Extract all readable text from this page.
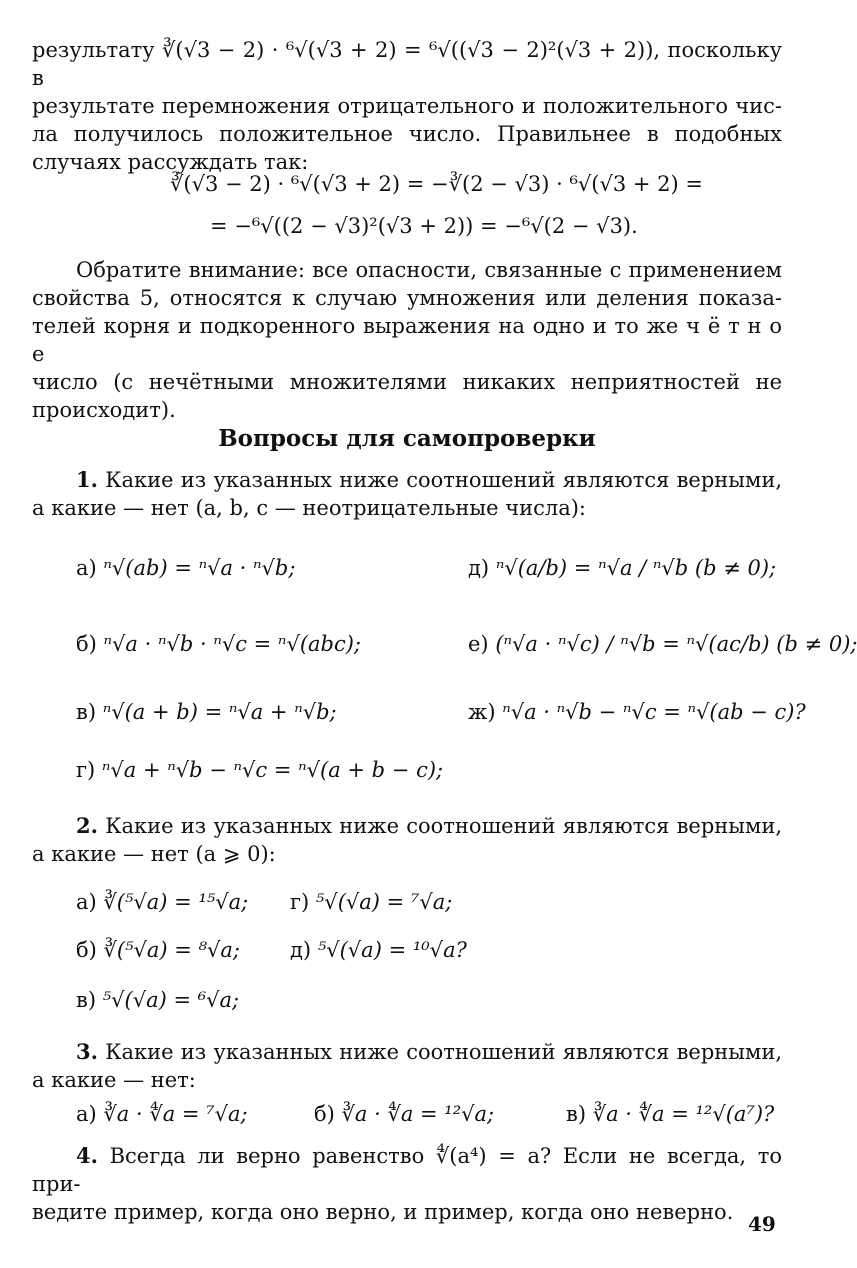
результату ∛(√3 − 2) · ⁶√(√3 + 2) = ⁶√((√3 − 2)²(√3 + 2)), поскольку в
результате перемножения отрицательного и положительного чис-
ла получилось положительное число. Правильнее в подобных
случаях рассуждать так:

∛(√3 − 2) · ⁶√(√3 + 2) = −∛(2 − √3) · ⁶√(√3 + 2) =
= −⁶√((2 − √3)²(√3 + 2)) = −⁶√(2 − √3).

Обратите внимание: все опасности, связанные с применением
свойства 5, относятся к случаю умножения или деления показа-
телей корня и подкоренного выражения на одно и то же ч ё т н о е
число (с нечётными множителями никаких неприятностей не
происходит).

Вопросы для самопроверки

1. Какие из указанных ниже соотношений являются верными,
а какие — нет (a, b, c — неотрицательные числа):

а) ⁿ√(ab) = ⁿ√a · ⁿ√b;	д) ⁿ√(a/b) = ⁿ√a / ⁿ√b (b ≠ 0);
б) ⁿ√a · ⁿ√b · ⁿ√c = ⁿ√(abc);	е) (ⁿ√a · ⁿ√c) / ⁿ√b = ⁿ√(ac/b) (b ≠ 0);
в) ⁿ√(a + b) = ⁿ√a + ⁿ√b;	ж) ⁿ√a · ⁿ√b − ⁿ√c = ⁿ√(ab − c)?
г) ⁿ√a + ⁿ√b − ⁿ√c = ⁿ√(a + b − c);

2. Какие из указанных ниже соотношений являются верными,
а какие — нет (a ⩾ 0):

а) ∛(⁵√a) = ¹⁵√a; г) ⁵√(√a) = ⁷√a;
б) ∛(⁵√a) = ⁸√a; д) ⁵√(√a) = ¹⁰√a?
в) ⁵√(√a) = ⁶√a;

3. Какие из указанных ниже соотношений являются верными,
а какие — нет:

а) ∛a · ∜a = ⁷√a;	б) ∛a · ∜a = ¹²√a;	в) ∛a · ∜a = ¹²√(a⁷)?

4. Всегда ли верно равенство ∜(a⁴) = a? Если не всегда, то при-
ведите пример, когда оно верно, и пример, когда оно неверно. 49
